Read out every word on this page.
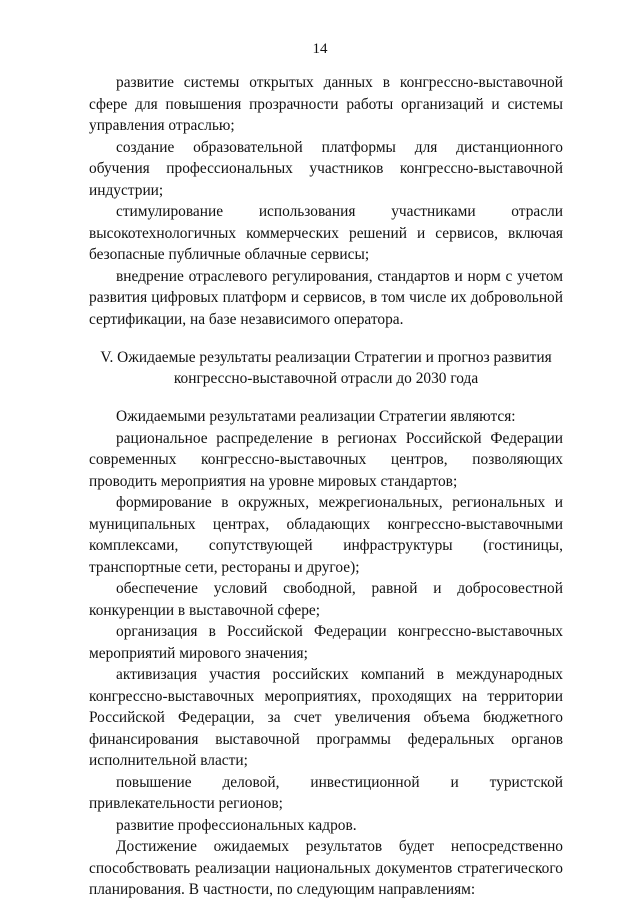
14

развитие системы открытых данных в конгрессно-выставочной сфере для повышения прозрачности работы организаций и системы управления отраслью;

создание образовательной платформы для дистанционного обучения профессиональных участников конгрессно-выставочной индустрии;

стимулирование использования участниками отрасли высокотехнологичных коммерческих решений и сервисов, включая безопасные публичные облачные сервисы;

внедрение отраслевого регулирования, стандартов и норм с учетом развития цифровых платформ и сервисов, в том числе их добровольной сертификации, на базе независимого оператора.

V. Ожидаемые результаты реализации Стратегии и прогноз развития
конгрессно-выставочной отрасли до 2030 года

Ожидаемыми результатами реализации Стратегии являются:

рациональное распределение в регионах Российской Федерации современных конгрессно-выставочных центров, позволяющих проводить мероприятия на уровне мировых стандартов;

формирование в окружных, межрегиональных, региональных и муниципальных центрах, обладающих конгрессно-выставочными комплексами, сопутствующей инфраструктуры (гостиницы, транспортные сети, рестораны и другое);

обеспечение условий свободной, равной и добросовестной конкуренции в выставочной сфере;

организация в Российской Федерации конгрессно-выставочных мероприятий мирового значения;

активизация участия российских компаний в международных конгрессно-выставочных мероприятиях, проходящих на территории Российской Федерации, за счет увеличения объема бюджетного финансирования выставочной программы федеральных органов исполнительной власти;

повышение деловой, инвестиционной и туристской привлекательности регионов;

развитие профессиональных кадров.

Достижение ожидаемых результатов будет непосредственно способствовать реализации национальных документов стратегического планирования. В частности, по следующим направлениям:
